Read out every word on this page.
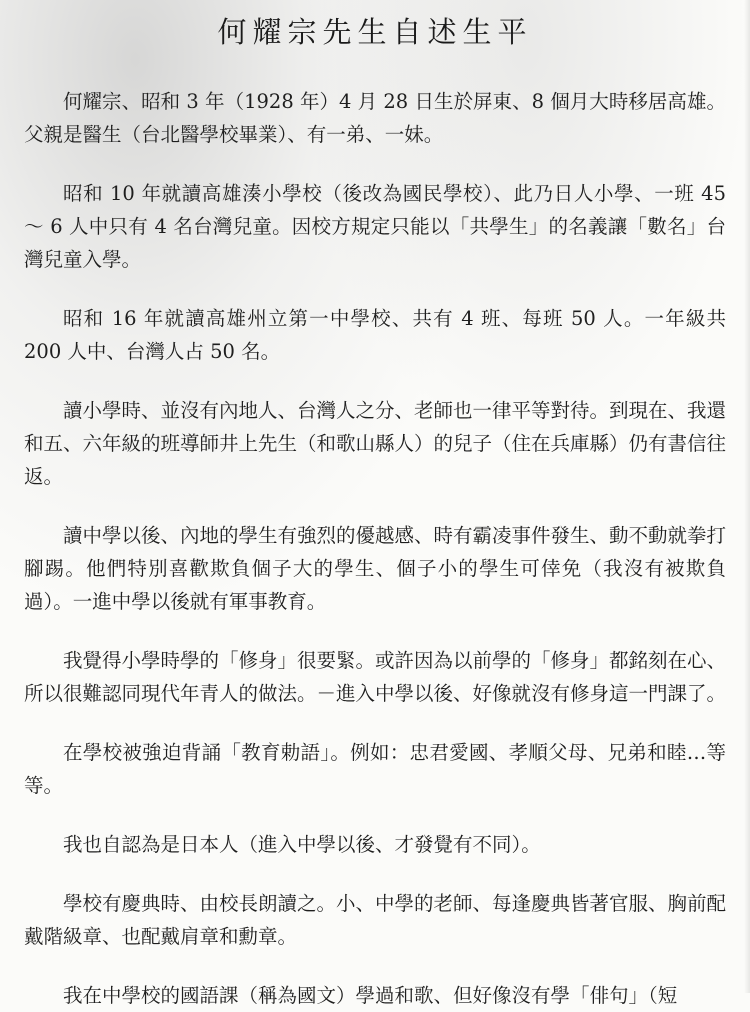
何耀宗先生自述生平

何耀宗、昭和 3 年（1928 年）4 月 28 日生於屏東、8 個月大時移居高雄。父親是醫生（台北醫學校畢業）、有一弟、一妹。

昭和 10 年就讀高雄湊小學校（後改為國民學校）、此乃日人小學、一班 45 ～ 6 人中只有 4 名台灣兒童。因校方規定只能以「共學生」的名義讓「數名」台灣兒童入學。

昭和 16 年就讀高雄州立第一中學校、共有 4 班、每班 50 人。一年級共 200 人中、台灣人占 50 名。

讀小學時、並沒有內地人、台灣人之分、老師也一律平等對待。到現在、我還和五、六年級的班導師井上先生（和歌山縣人）的兒子（住在兵庫縣）仍有書信往返。

讀中學以後、內地的學生有強烈的優越感、時有霸凌事件發生、動不動就拳打腳踢。他們特別喜歡欺負個子大的學生、個子小的學生可倖免（我沒有被欺負過）。一進中學以後就有軍事教育。

我覺得小學時學的「修身」很要緊。或許因為以前學的「修身」都銘刻在心、所以很難認同現代年青人的做法。－進入中學以後、好像就沒有修身這一門課了。

在學校被強迫背誦「教育勅語」。例如：忠君愛國、孝順父母、兄弟和睦…等等。

我也自認為是日本人（進入中學以後、才發覺有不同）。

學校有慶典時、由校長朗讀之。小、中學的老師、每逢慶典皆著官服、胸前配戴階級章、也配戴肩章和勳章。

我在中學校的國語課（稱為國文）學過和歌、但好像沒有學「俳句」（短
